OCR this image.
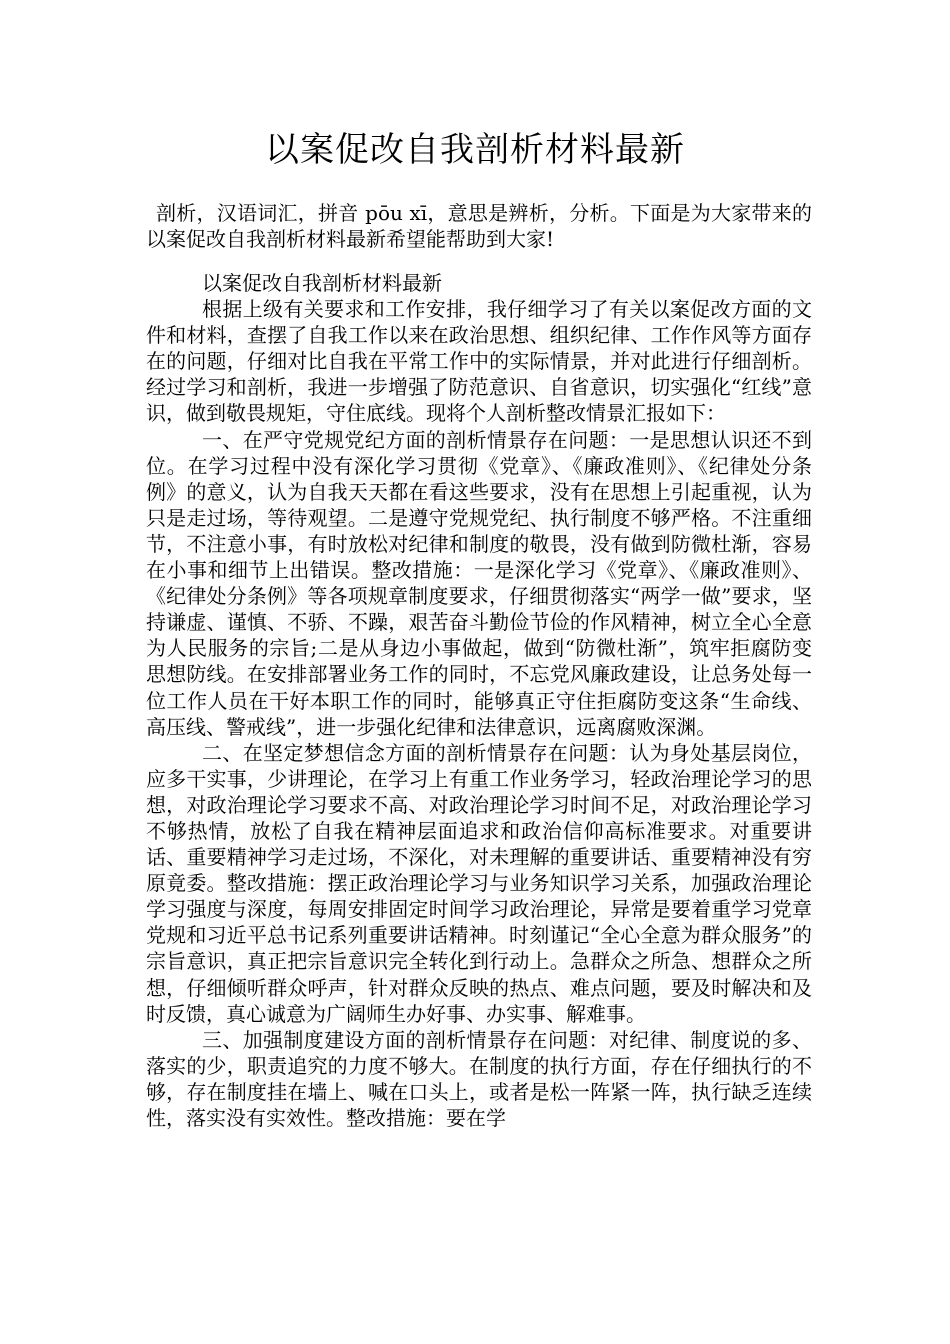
以案促改自我剖析材料最新
剖析，汉语词汇，拼音 pōu xī，意思是辨析，分析。下面是为大家带来的以案促改自我剖析材料最新希望能帮助到大家!

以案促改自我剖析材料最新

根据上级有关要求和工作安排，我仔细学习了有关以案促改方面的文件和材料，查摆了自我工作以来在政治思想、组织纪律、工作作风等方面存在的问题，仔细对比自我在平常工作中的实际情景，并对此进行仔细剖析。经过学习和剖析，我进一步增强了防范意识、自省意识，切实强化“红线”意识，做到敬畏规矩，守住底线。现将个人剖析整改情景汇报如下：

一、在严守党规党纪方面的剖析情景存在问题：一是思想认识还不到位。在学习过程中没有深化学习贯彻《党章》、《廉政准则》、《纪律处分条例》的意义，认为自我天天都在看这些要求，没有在思想上引起重视，认为只是走过场，等待观望。二是遵守党规党纪、执行制度不够严格。不注重细节，不注意小事，有时放松对纪律和制度的敬畏，没有做到防微杜渐，容易在小事和细节上出错误。整改措施：一是深化学习《党章》、《廉政准则》、《纪律处分条例》等各项规章制度要求，仔细贯彻落实“两学一做”要求，坚持谦虚、谨慎、不骄、不躁，艰苦奋斗勤俭节俭的作风精神，树立全心全意为人民服务的宗旨;二是从身边小事做起，做到“防微杜渐”，筑牢拒腐防变思想防线。在安排部署业务工作的同时，不忘党风廉政建设，让总务处每一位工作人员在干好本职工作的同时，能够真正守住拒腐防变这条“生命线、高压线、警戒线”，进一步强化纪律和法律意识，远离腐败深渊。

二、在坚定梦想信念方面的剖析情景存在问题：认为身处基层岗位，应多干实事，少讲理论，在学习上有重工作业务学习，轻政治理论学习的思想，对政治理论学习要求不高、对政治理论学习时间不足，对政治理论学习不够热情，放松了自我在精神层面追求和政治信仰高标准要求。对重要讲话、重要精神学习走过场，不深化，对未理解的重要讲话、重要精神没有穷原竟委。整改措施：摆正政治理论学习与业务知识学习关系，加强政治理论学习强度与深度，每周安排固定时间学习政治理论，异常是要着重学习党章党规和习近平总书记系列重要讲话精神。时刻谨记“全心全意为群众服务”的宗旨意识，真正把宗旨意识完全转化到行动上。急群众之所急、想群众之所想，仔细倾听群众呼声，针对群众反映的热点、难点问题，要及时解决和及时反馈，真心诚意为广阔师生办好事、办实事、解难事。

三、加强制度建设方面的剖析情景存在问题：对纪律、制度说的多、落实的少，职责追究的力度不够大。在制度的执行方面，存在仔细执行的不够，存在制度挂在墙上、喊在口头上，或者是松一阵紧一阵，执行缺乏连续性，落实没有实效性。整改措施：要在学
